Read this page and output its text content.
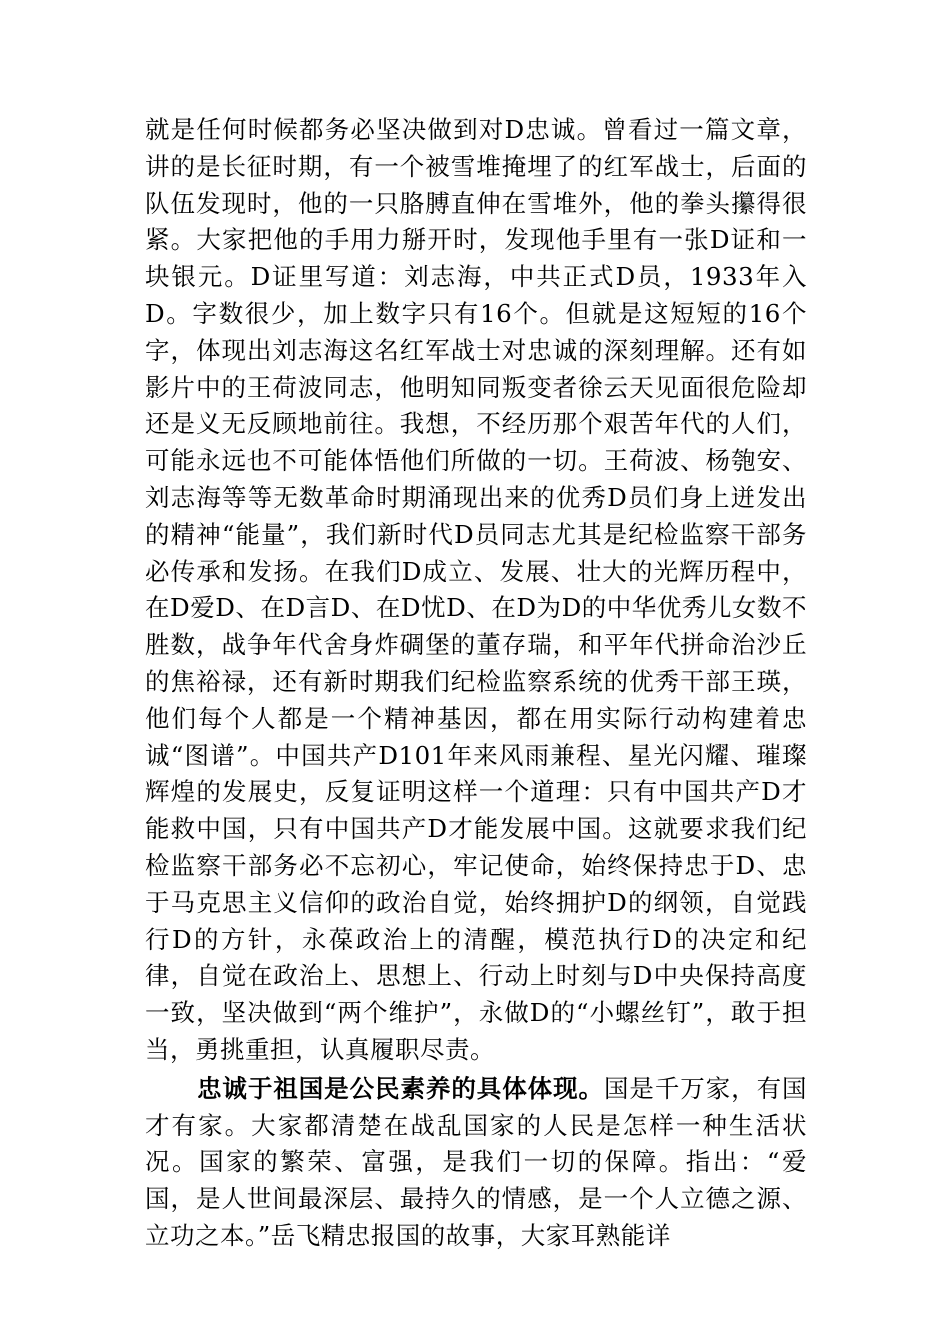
就是任何时候都务必坚决做到对D忠诚。曾看过一篇文章，讲的是长征时期，有一个被雪堆掩埋了的红军战士，后面的队伍发现时，他的一只胳膊直伸在雪堆外，他的拳头攥得很紧。大家把他的手用力掰开时，发现他手里有一张D证和一块银元。D证里写道：刘志海，中共正式D员，1933年入D。字数很少，加上数字只有16个。但就是这短短的16个字，体现出刘志海这名红军战士对忠诚的深刻理解。还有如影片中的王荷波同志，他明知同叛变者徐云天见面很危险却还是义无反顾地前往。我想，不经历那个艰苦年代的人们，可能永远也不可能体悟他们所做的一切。王荷波、杨匏安、刘志海等等无数革命时期涌现出来的优秀D员们身上迸发出的精神“能量”，我们新时代D员同志尤其是纪检监察干部务必传承和发扬。在我们D成立、发展、壮大的光辉历程中，在D爱D、在D言D、在D忧D、在D为D的中华优秀儿女数不胜数，战争年代舍身炸碉堡的董存瑞，和平年代拼命治沙丘的焦裕禄，还有新时期我们纪检监察系统的优秀干部王瑛，他们每个人都是一个精神基因，都在用实际行动构建着忠诚“图谱”。中国共产D101年来风雨兼程、星光闪耀、璀璨辉煌的发展史，反复证明这样一个道理：只有中国共产D才能救中国，只有中国共产D才能发展中国。这就要求我们纪检监察干部务必不忘初心，牢记使命，始终保持忠于D、忠于马克思主义信仰的政治自觉，始终拥护D的纲领，自觉践行D的方针，永葆政治上的清醒，模范执行D的决定和纪律，自觉在政治上、思想上、行动上时刻与D中央保持高度一致，坚决做到“两个维护”，永做D的“小螺丝钉”，敢于担当，勇挑重担，认真履职尽责。

忠诚于祖国是公民素养的具体体现。国是千万家，有国才有家。大家都清楚在战乱国家的人民是怎样一种生活状况。国家的繁荣、富强，是我们一切的保障。指出：“爱国，是人世间最深层、最持久的情感，是一个人立德之源、立功之本。”岳飞精忠报国的故事，大家耳熟能详
